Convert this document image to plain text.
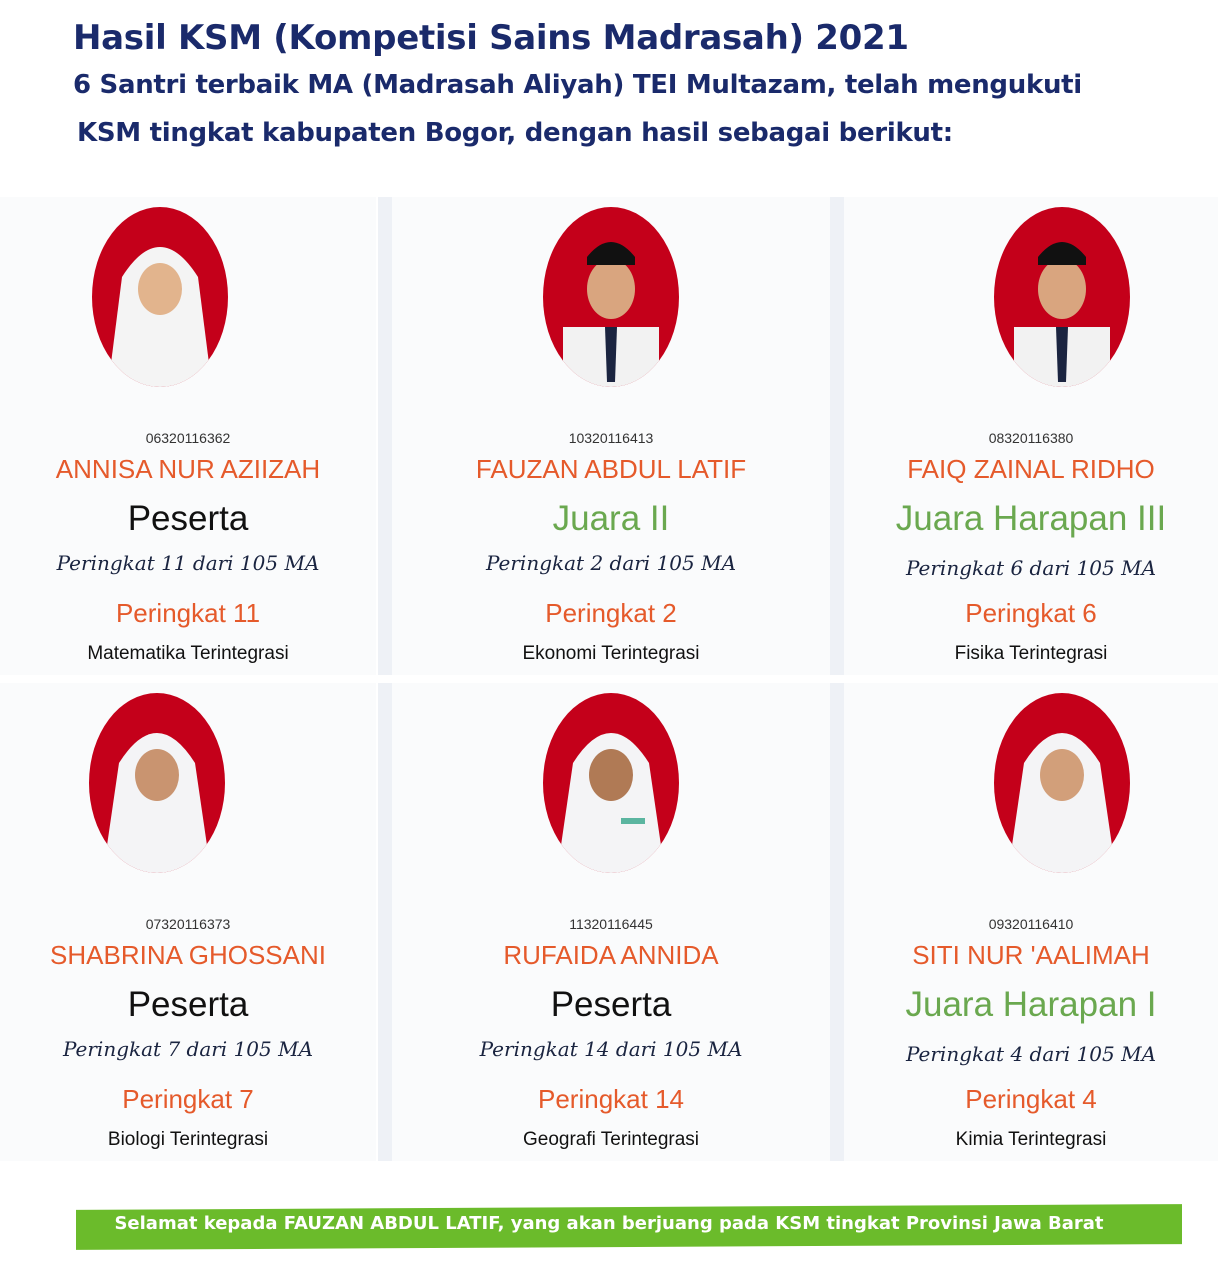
Hasil KSM (Kompetisi Sains Madrasah) 2021
6 Santri terbaik MA (Madrasah Aliyah) TEI Multazam, telah mengukuti
KSM tingkat kabupaten Bogor, dengan hasil sebagai berikut:
06320116362
ANNISA NUR AZIIZAH
Peserta
Peringkat 11 dari 105 MA
Peringkat 11
Matematika Terintegrasi
10320116413
FAUZAN ABDUL LATIF
Juara II
Peringkat 2 dari 105 MA
Peringkat 2
Ekonomi Terintegrasi
08320116380
FAIQ ZAINAL RIDHO
Juara Harapan III
Peringkat 6 dari 105 MA
Peringkat 6
Fisika Terintegrasi
07320116373
SHABRINA GHOSSANI
Peserta
Peringkat 7 dari 105 MA
Peringkat 7
Biologi Terintegrasi
11320116445
RUFAIDA ANNIDA
Peserta
Peringkat 14 dari 105 MA
Peringkat 14
Geografi Terintegrasi
09320116410
SITI NUR 'AALIMAH
Juara Harapan I
Peringkat 4 dari 105 MA
Peringkat 4
Kimia Terintegrasi
Selamat kepada FAUZAN ABDUL LATIF, yang akan berjuang pada KSM tingkat Provinsi Jawa Barat
